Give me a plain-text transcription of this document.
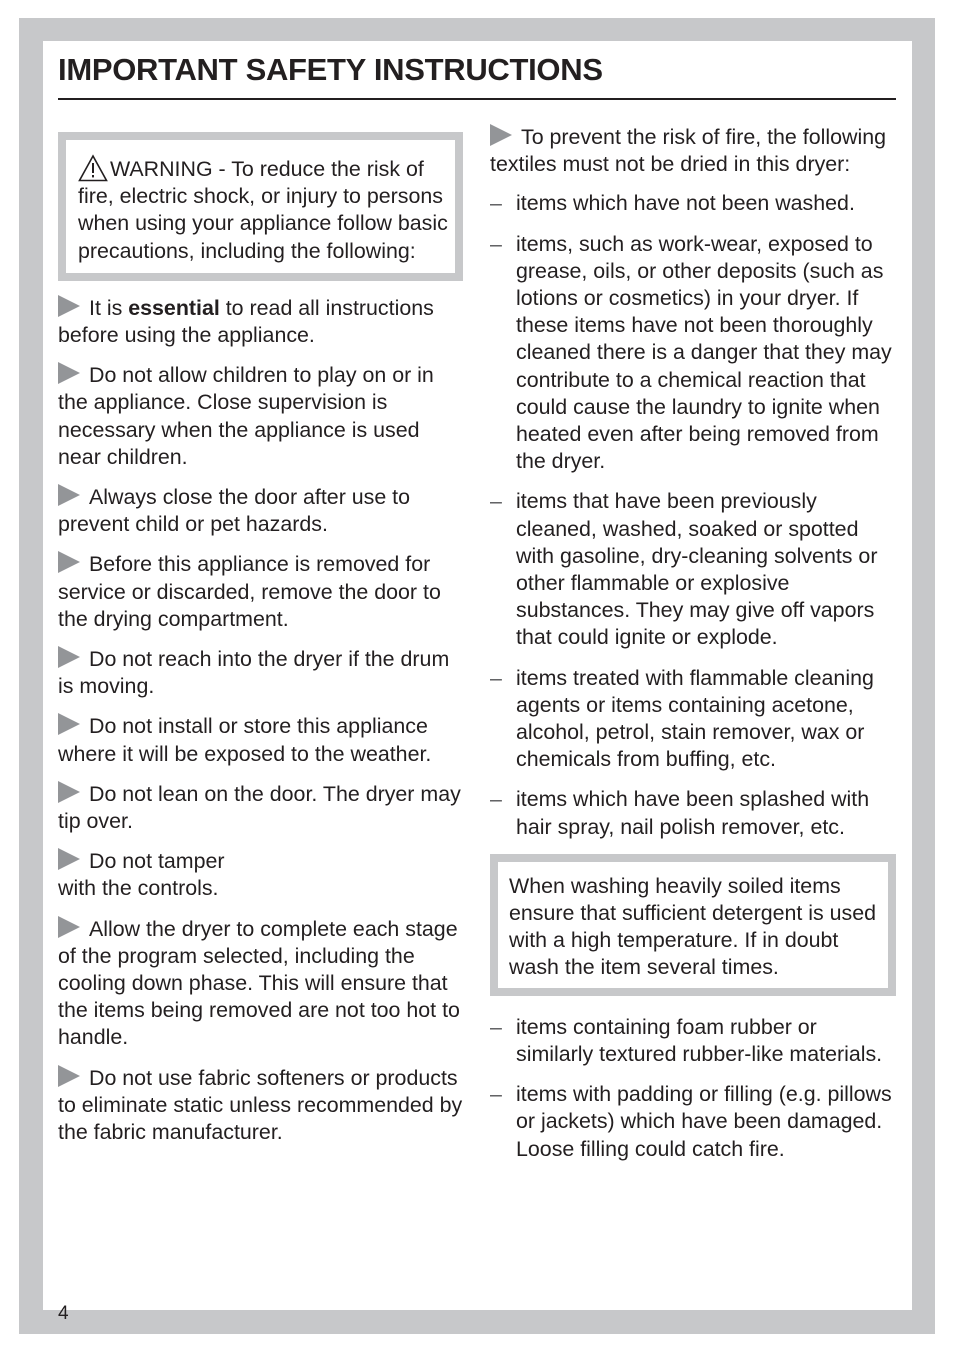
IMPORTANT SAFETY INSTRUCTIONS
WARNING - To reduce the risk of fire, electric shock, or injury to persons when using your appliance follow basic precautions, including the following:

It is essential to read all instructions before using the appliance.

Do not allow children to play on or in the appliance. Close supervision is necessary when the appliance is used near children.

Always close the door after use to prevent child or pet hazards.

Before this appliance is removed for service or discarded, remove the door to the drying compartment.

Do not reach into the dryer if the drum is moving.

Do not install or store this appliance where it will be exposed to the weather.

Do not lean on the door. The dryer may tip over.

Do not tamper
with the controls.

Allow the dryer to complete each stage of the program selected, including the cooling down phase. This will ensure that the items being removed are not too hot to handle.

Do not use fabric softeners or products to eliminate static unless recommended by the fabric manufacturer.

To prevent the risk of fire, the following textiles must not be dried in this dryer:

– items which have not been washed.
– items, such as work-wear, exposed to grease, oils, or other deposits (such as lotions or cosmetics) in your dryer. If these items have not been thoroughly cleaned there is a danger that they may contribute to a chemical reaction that could cause the laundry to ignite when heated even after being removed from the dryer.
– items that have been previously cleaned, washed, soaked or spotted with gasoline, dry-cleaning solvents or other flammable or explosive substances. They may give off vapors that could ignite or explode.
– items treated with flammable cleaning agents or items containing acetone, alcohol, petrol, stain remover, wax or chemicals from buffing, etc.
– items which have been splashed with hair spray, nail polish remover, etc.
When washing heavily soiled items ensure that sufficient detergent is used with a high temperature. If in doubt wash the item several times.
– items containing foam rubber or similarly textured rubber-like materials.
– items with padding or filling (e.g. pillows or jackets) which have been damaged. Loose filling could catch fire.
4
